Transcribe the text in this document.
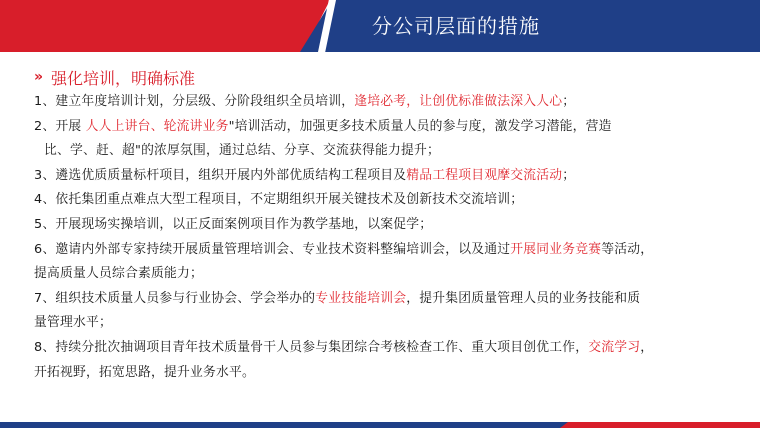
分公司层面的措施
» 强化培训，明确标准
1、建立年度培训计划，分层级、分阶段组织全员培训，逢培必考，让创优标准做法深入人心；
2、开展 人人上讲台、轮流讲业务"培训活动，加强更多技术质量人员的参与度，激发学习潜能，营造
比、学、赶、超"的浓厚氛围，通过总结、分享、交流获得能力提升；
3、遴选优质质量标杆项目，组织开展内外部优质结构工程项目及精品工程项目观摩交流活动；
4、依托集团重点难点大型工程项目，不定期组织开展关键技术及创新技术交流培训；
5、开展现场实操培训，以正反面案例项目作为教学基地，以案促学；
6、邀请内外部专家持续开展质量管理培训会、专业技术资料整编培训会，以及通过开展同业务竞赛等活动，
提高质量人员综合素质能力；
7、组织技术质量人员参与行业协会、学会举办的专业技能培训会，提升集团质量管理人员的业务技能和质
量管理水平；
8、持续分批次抽调项目青年技术质量骨干人员参与集团综合考核检查工作、重大项目创优工作，交流学习，
开拓视野，拓宽思路，提升业务水平。
